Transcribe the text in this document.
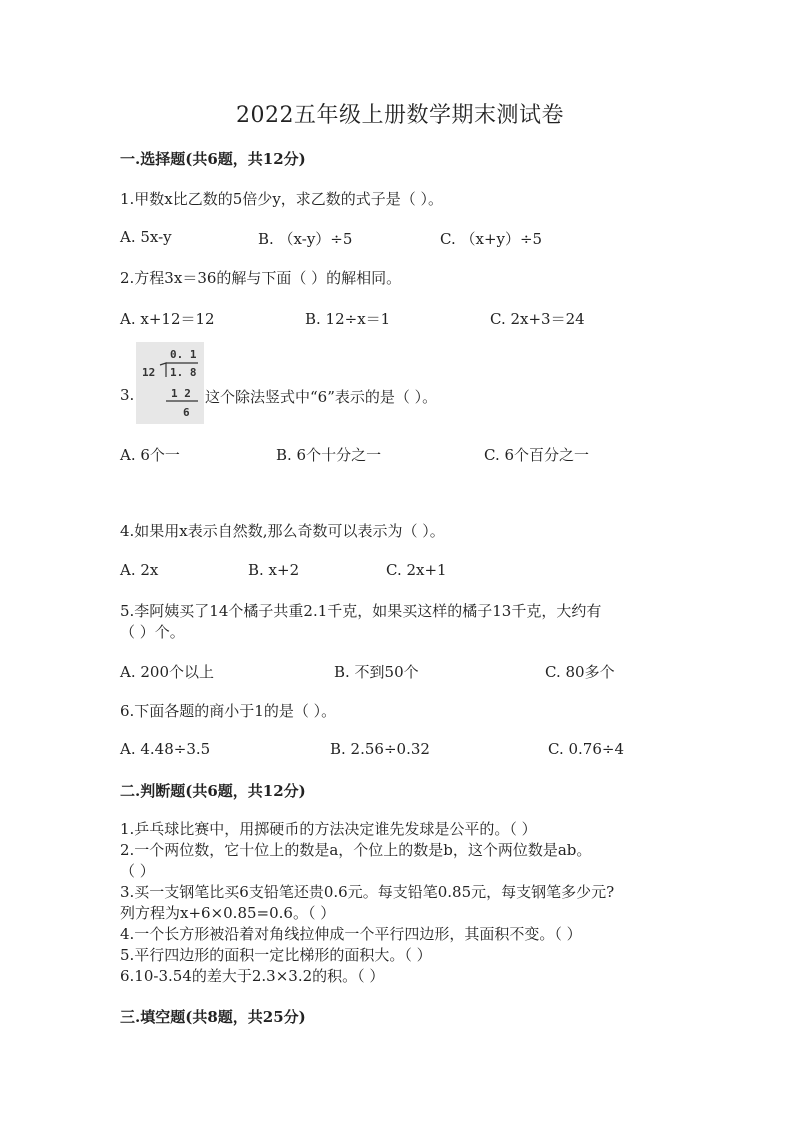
2022五年级上册数学期末测试卷
一.选择题(共6题，共12分)
1.甲数x比乙数的5倍少y，求乙数的式子是（ ）。
A. 5x-y	B. （x-y）÷5	C. （x+y）÷5
2.方程3x＝36的解与下面（ ）的解相同。
A. x+12＝12	B. 12÷x＝1	C. 2x+3＝24
3.
0. 1
12 1. 8
1 2
6
这个除法竖式中“6”表示的是（ ）。
A. 6个一	B. 6个十分之一	C. 6个百分之一
4.如果用x表示自然数,那么奇数可以表示为（ ）。
A. 2x	B. x+2	C. 2x+1
5.李阿姨买了14个橘子共重2.1千克，如果买这样的橘子13千克，大约有
（ ）个。
A. 200个以上	B. 不到50个	C. 80多个
6.下面各题的商小于1的是（ ）。
A. 4.48÷3.5	B. 2.56÷0.32	C. 0.76÷4
二.判断题(共6题，共12分)
1.乒乓球比赛中，用掷硬币的方法决定谁先发球是公平的。（ ）
2.一个两位数，它十位上的数是a，个位上的数是b，这个两位数是ab。
（ ）
3.买一支钢笔比买6支铅笔还贵0.6元。每支铅笔0.85元，每支钢笔多少元?
列方程为x+6×0.85=0.6。（ ）
4.一个长方形被沿着对角线拉伸成一个平行四边形，其面积不变。（ ）
5.平行四边形的面积一定比梯形的面积大。（ ）
6.10-3.54的差大于2.3×3.2的积。（ ）
三.填空题(共8题，共25分)
